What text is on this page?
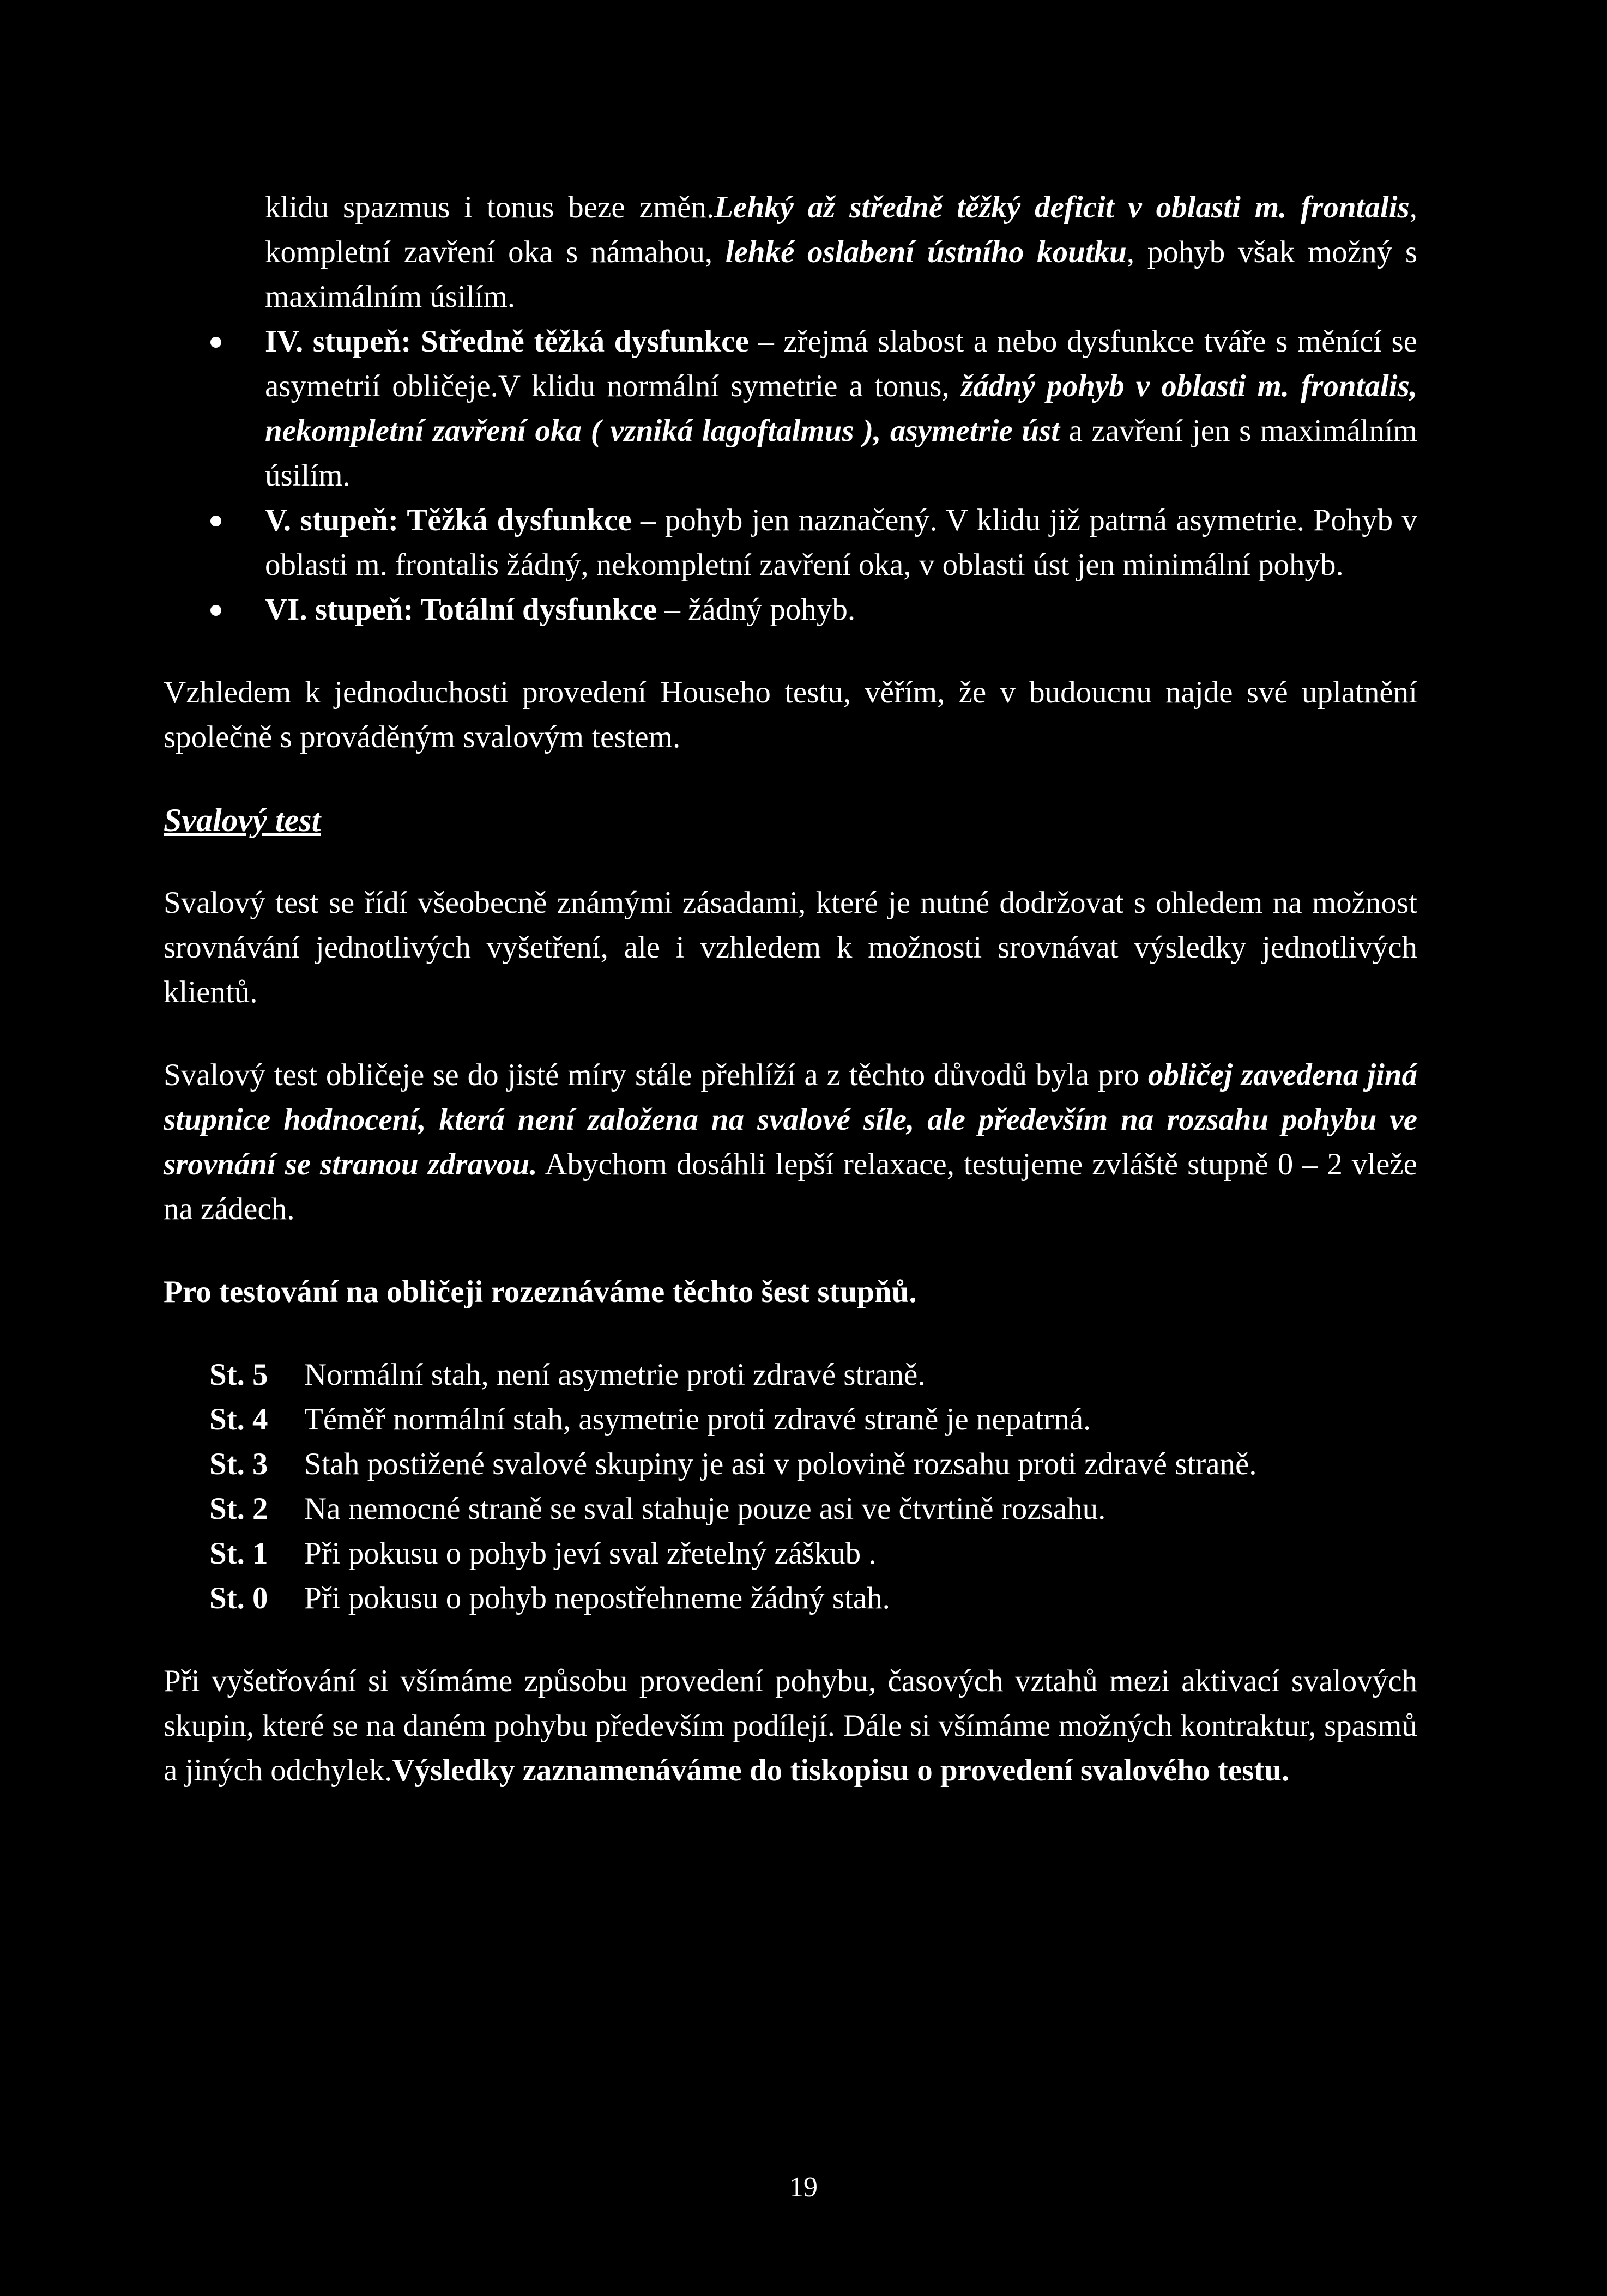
klidu spazmus i tonus beze změn.Lehký až středně těžký deficit v oblasti m. frontalis, kompletní zavření oka s námahou, lehké oslabení ústního koutku, pohyb však možný s maximálním úsilím.

IV. stupeň: Středně těžká dysfunkce – zřejmá slabost a nebo dysfunkce tváře s měnící se asymetrií obličeje.V klidu normální symetrie a tonus, žádný pohyb v oblasti m. frontalis, nekompletní zavření oka ( vzniká lagoftalmus ), asymetrie úst a zavření jen s maximálním úsilím.
V. stupeň: Těžká dysfunkce – pohyb jen naznačený. V klidu již patrná asymetrie. Pohyb v oblasti m. frontalis žádný, nekompletní zavření oka, v oblasti úst jen minimální pohyb.
VI. stupeň: Totální dysfunkce – žádný pohyb.

Vzhledem k jednoduchosti provedení Househo testu, věřím, že v budoucnu najde své uplatnění společně s prováděným svalovým testem.

Svalový test

Svalový test se řídí všeobecně známými zásadami, které je nutné dodržovat s ohledem na možnost srovnávání jednotlivých vyšetření, ale i vzhledem k možnosti srovnávat výsledky jednotlivých klientů.

Svalový test obličeje se do jisté míry stále přehlíží a z těchto důvodů byla pro obličej zavedena jiná stupnice hodnocení, která není založena na svalové síle, ale především na rozsahu pohybu ve srovnání se stranou zdravou. Abychom dosáhli lepší relaxace, testujeme zvláště stupně 0 – 2 vleže na zádech.

Pro testování na obličeji rozeznáváme těchto šest stupňů.

St. 5 Normální stah, není asymetrie proti zdravé straně.
St. 4 Téměř normální stah, asymetrie proti zdravé straně je nepatrná.
St. 3 Stah postižené svalové skupiny je asi v polovině rozsahu proti zdravé straně.
St. 2 Na nemocné straně se sval stahuje pouze asi ve čtvrtině rozsahu.
St. 1 Při pokusu o pohyb jeví sval zřetelný záškub .
St. 0 Při pokusu o pohyb nepostřehneme žádný stah.

Při vyšetřování si všímáme způsobu provedení pohybu, časových vztahů mezi aktivací svalových skupin, které se na daném pohybu především podílejí. Dále si všímáme možných kontraktur, spasmů a jiných odchylek.Výsledky zaznamenáváme do tiskopisu o provedení svalového testu.

19
